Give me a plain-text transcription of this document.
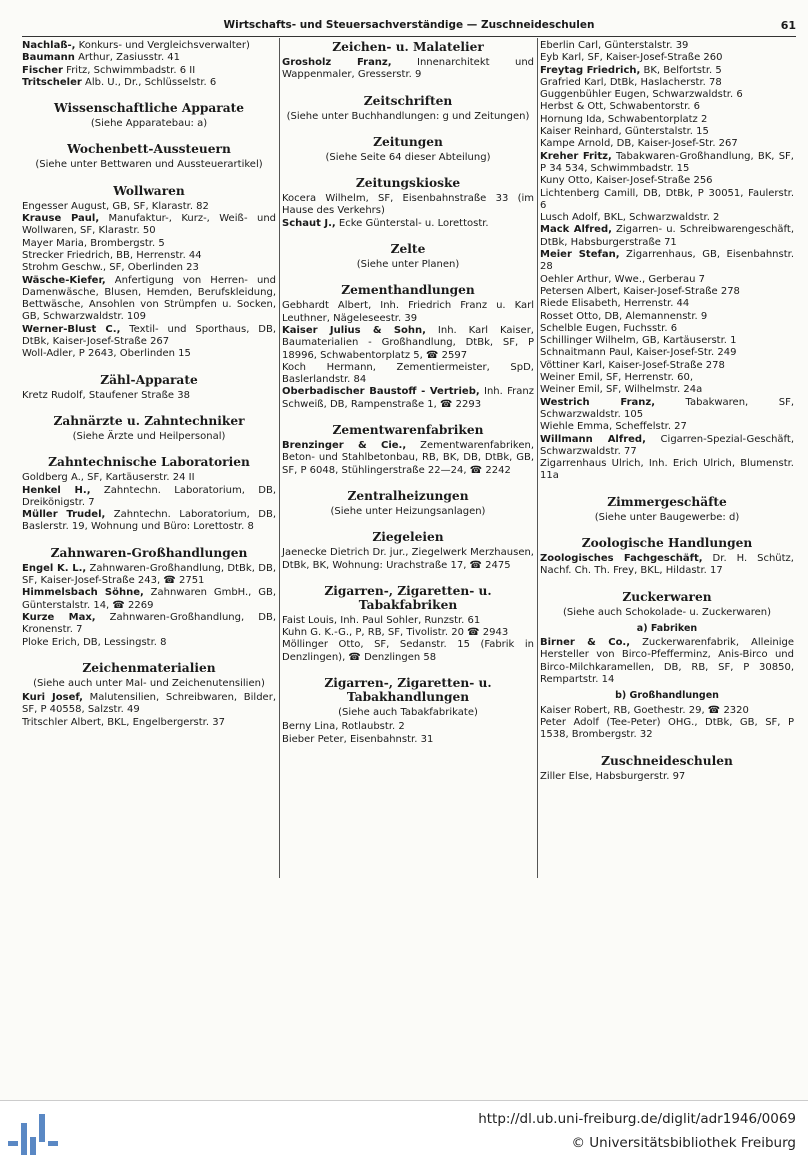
Wirtschafts- und Steuersachverständige — Zuschneideschulen	61
Nachlaß-, Konkurs- und Vergleichsverwalter)
Baumann Arthur, Zasiusstr. 41
Fischer Fritz, Schwimmbadstr. 6 II
Tritscheler Alb. U., Dr., Schlüsselstr. 6
Wissenschaftliche Apparate
(Siehe Apparatebau: a)
Wochenbett-Aussteuern
(Siehe unter Bettwaren und Aussteuerartikel)
Wollwaren
Engesser August, GB, SF, Klarastr. 82
Krause Paul, Manufaktur-, Kurz-, Weiß- und Wollwaren, SF, Klarastr. 50
Mayer Maria, Brombergstr. 5
Strecker Friedrich, BB, Herrenstr. 44
Strohm Geschw., SF, Oberlinden 23
Wäsche-Kiefer, Anfertigung von Herren- und Damenwäsche, Blusen, Hemden, Berufskleidung, Bettwäsche, Ansohlen von Strümpfen u. Socken, GB, Schwarzwaldstr. 109
Werner-Blust C., Textil- und Sporthaus, DB, DtBk, Kaiser-Josef-Straße 267
Woll-Adler, P 2643, Oberlinden 15
Zähl-Apparate
Kretz Rudolf, Staufener Straße 38
Zahnärzte u. Zahntechniker
(Siehe Ärzte und Heilpersonal)
Zahntechnische Laboratorien
Goldberg A., SF, Kartäuserstr. 24 II
Henkel H., Zahntechn. Laboratorium, DB, Dreikönigstr. 7
Müller Trudel, Zahntechn. Laboratorium, DB, Baslerstr. 19, Wohnung und Büro: Lorettostr. 8
Zahnwaren-Großhandlungen
Engel K. L., Zahnwaren-Großhandlung, DtBk, DB, SF, Kaiser-Josef-Straße 243, ☎ 2751
Himmelsbach Söhne, Zahnwaren GmbH., GB, Günterstalstr. 14, ☎ 2269
Kurze Max, Zahnwaren-Großhandlung, DB, Kronenstr. 7
Ploke Erich, DB, Lessingstr. 8
Zeichenmaterialien
(Siehe auch unter Mal- und Zeichenutensilien)
Kuri Josef, Malutensilien, Schreibwaren, Bilder, SF, P 40558, Salzstr. 49
Tritschler Albert, BKL, Engelbergerstr. 37
Zeichen- u. Malatelier
Grosholz Franz, Innenarchitekt und Wappenmaler, Gresserstr. 9
Zeitschriften
(Siehe unter Buchhandlungen: g und Zeitungen)
Zeitungen
(Siehe Seite 64 dieser Abteilung)
Zeitungskioske
Kocera Wilhelm, SF, Eisenbahnstraße 33 (im Hause des Verkehrs)
Schaut J., Ecke Günterstal- u. Lorettostr.
Zelte
(Siehe unter Planen)
Zementhandlungen
Gebhardt Albert, Inh. Friedrich Franz u. Karl Leuthner, Nägeleseestr. 39
Kaiser Julius & Sohn, Inh. Karl Kaiser, Baumaterialien - Großhandlung, DtBk, SF, P 18996, Schwabentorplatz 5, ☎ 2597
Koch Hermann, Zementiermeister, SpD, Baslerlandstr. 84
Oberbadischer Baustoff - Vertrieb, Inh. Franz Schweiß, DB, Rampenstraße 1, ☎ 2293
Zementwarenfabriken
Brenzinger & Cie., Zementwarenfabriken, Beton- und Stahlbetonbau, RB, BK, DB, DtBk, GB, SF, P 6048, Stühlingerstraße 22—24, ☎ 2242
Zentralheizungen
(Siehe unter Heizungsanlagen)
Ziegeleien
Jaenecke Dietrich Dr. jur., Ziegelwerk Merzhausen, DtBk, BK, Wohnung: Urachstraße 17, ☎ 2475
Zigarren-, Zigaretten- u. Tabakfabriken
Faist Louis, Inh. Paul Sohler, Runzstr. 61
Kuhn G. K.-G., P, RB, SF, Tivolistr. 20 ☎ 2943
Möllinger Otto, SF, Sedanstr. 15 (Fabrik in Denzlingen), ☎ Denzlingen 58
Zigarren-, Zigaretten- u. Tabakhandlungen
(Siehe auch Tabakfabrikate)
Berny Lina, Rotlaubstr. 2
Bieber Peter, Eisenbahnstr. 31
Eberlin Carl, Günterstalstr. 39
Eyb Karl, SF, Kaiser-Josef-Straße 260
Freytag Friedrich, BK, Belfortstr. 5
Grafried Karl, DtBk, Haslacherstr. 78
Guggenbühler Eugen, Schwarzwaldstr. 6
Herbst & Ott, Schwabentorstr. 6
Hornung Ida, Schwabentorplatz 2
Kaiser Reinhard, Günterstalstr. 15
Kampe Arnold, DB, Kaiser-Josef-Str. 267
Kreher Fritz, Tabakwaren-Großhandlung, BK, SF, P 34 534, Schwimmbadstr. 15
Kuny Otto, Kaiser-Josef-Straße 256
Lichtenberg Camill, DB, DtBk, P 30051, Faulerstr. 6
Lusch Adolf, BKL, Schwarzwaldstr. 2
Mack Alfred, Zigarren- u. Schreibwarengeschäft, DtBk, Habsburgerstraße 71
Meier Stefan, Zigarrenhaus, GB, Eisenbahnstr. 28
Oehler Arthur, Wwe., Gerberau 7
Petersen Albert, Kaiser-Josef-Straße 278
Riede Elisabeth, Herrenstr. 44
Rosset Otto, DB, Alemannenstr. 9
Schelble Eugen, Fuchsstr. 6
Schillinger Wilhelm, GB, Kartäuserstr. 1
Schnaitmann Paul, Kaiser-Josef-Str. 249
Vöttiner Karl, Kaiser-Josef-Straße 278
Weiner Emil, SF, Herrenstr. 60,
Weiner Emil, SF, Wilhelmstr. 24a
Westrich Franz, Tabakwaren, SF, Schwarzwaldstr. 105
Wiehle Emma, Scheffelstr. 27
Willmann Alfred, Cigarren-Spezial-Geschäft, Schwarzwaldstr. 77
Zigarrenhaus Ulrich, Inh. Erich Ulrich, Blumenstr. 11a
Zimmergeschäfte
(Siehe unter Baugewerbe: d)
Zoologische Handlungen
Zoologisches Fachgeschäft, Dr. H. Schütz, Nachf. Ch. Th. Frey, BKL, Hildastr. 17
Zuckerwaren
(Siehe auch Schokolade- u. Zuckerwaren)
a) Fabriken
Birner & Co., Zuckerwarenfabrik, Alleinige Hersteller von Birco-Pfefferminz, Anis-Birco und Birco-Milchkaramellen, DB, RB, SF, P 30850, Rempartstr. 14
b) Großhandlungen
Kaiser Robert, RB, Goethestr. 29, ☎ 2320
Peter Adolf (Tee-Peter) OHG., DtBk, GB, SF, P 1538, Brombergstr. 32
Zuschneideschulen
Ziller Else, Habsburgerstr. 97
http://dl.ub.uni-freiburg.de/diglit/adr1946/0069
© Universitätsbibliothek Freiburg
